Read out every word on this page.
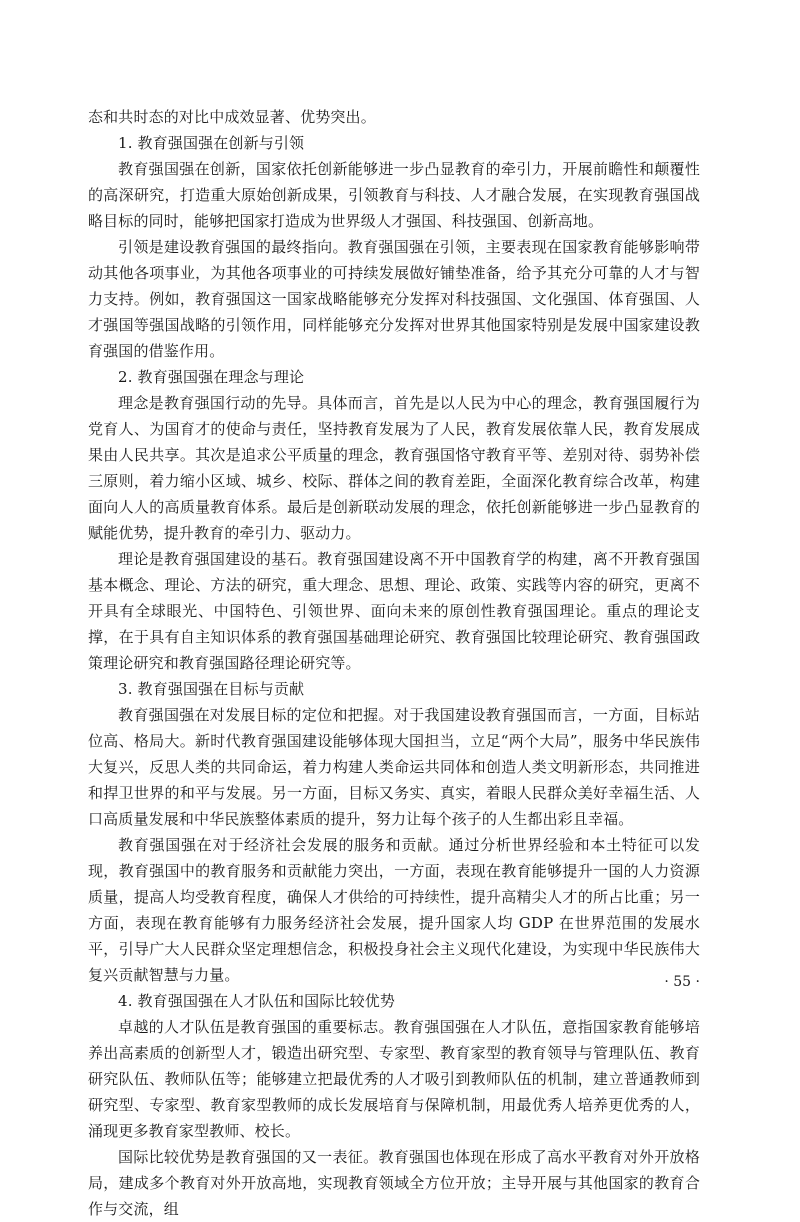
态和共时态的对比中成效显著、优势突出。

1. 教育强国强在创新与引领

教育强国强在创新，国家依托创新能够进一步凸显教育的牵引力，开展前瞻性和颠覆性的高深研究，打造重大原始创新成果，引领教育与科技、人才融合发展，在实现教育强国战略目标的同时，能够把国家打造成为世界级人才强国、科技强国、创新高地。

引领是建设教育强国的最终指向。教育强国强在引领，主要表现在国家教育能够影响带动其他各项事业，为其他各项事业的可持续发展做好铺垫准备，给予其充分可靠的人才与智力支持。例如，教育强国这一国家战略能够充分发挥对科技强国、文化强国、体育强国、人才强国等强国战略的引领作用，同样能够充分发挥对世界其他国家特别是发展中国家建设教育强国的借鉴作用。

2. 教育强国强在理念与理论

理念是教育强国行动的先导。具体而言，首先是以人民为中心的理念，教育强国履行为党育人、为国育才的使命与责任，坚持教育发展为了人民，教育发展依靠人民，教育发展成果由人民共享。其次是追求公平质量的理念，教育强国恪守教育平等、差别对待、弱势补偿三原则，着力缩小区域、城乡、校际、群体之间的教育差距，全面深化教育综合改革，构建面向人人的高质量教育体系。最后是创新联动发展的理念，依托创新能够进一步凸显教育的赋能优势，提升教育的牵引力、驱动力。

理论是教育强国建设的基石。教育强国建设离不开中国教育学的构建，离不开教育强国基本概念、理论、方法的研究，重大理念、思想、理论、政策、实践等内容的研究，更离不开具有全球眼光、中国特色、引领世界、面向未来的原创性教育强国理论。重点的理论支撑，在于具有自主知识体系的教育强国基础理论研究、教育强国比较理论研究、教育强国政策理论研究和教育强国路径理论研究等。

3. 教育强国强在目标与贡献

教育强国强在对发展目标的定位和把握。对于我国建设教育强国而言，一方面，目标站位高、格局大。新时代教育强国建设能够体现大国担当，立足“两个大局”，服务中华民族伟大复兴，反思人类的共同命运，着力构建人类命运共同体和创造人类文明新形态，共同推进和捍卫世界的和平与发展。另一方面，目标又务实、真实，着眼人民群众美好幸福生活、人口高质量发展和中华民族整体素质的提升，努力让每个孩子的人生都出彩且幸福。

教育强国强在对于经济社会发展的服务和贡献。通过分析世界经验和本土特征可以发现，教育强国中的教育服务和贡献能力突出，一方面，表现在教育能够提升一国的人力资源质量，提高人均受教育程度，确保人才供给的可持续性，提升高精尖人才的所占比重；另一方面，表现在教育能够有力服务经济社会发展，提升国家人均 GDP 在世界范围的发展水平，引导广大人民群众坚定理想信念，积极投身社会主义现代化建设，为实现中华民族伟大复兴贡献智慧与力量。

4. 教育强国强在人才队伍和国际比较优势

卓越的人才队伍是教育强国的重要标志。教育强国强在人才队伍，意指国家教育能够培养出高素质的创新型人才，锻造出研究型、专家型、教育家型的教育领导与管理队伍、教育研究队伍、教师队伍等；能够建立把最优秀的人才吸引到教师队伍的机制，建立普通教师到研究型、专家型、教育家型教师的成长发展培育与保障机制，用最优秀人培养更优秀的人，涌现更多教育家型教师、校长。

国际比较优势是教育强国的又一表征。教育强国也体现在形成了高水平教育对外开放格局，建成多个教育对外开放高地，实现教育领域全方位开放；主导开展与其他国家的教育合作与交流，组

· 55 ·
